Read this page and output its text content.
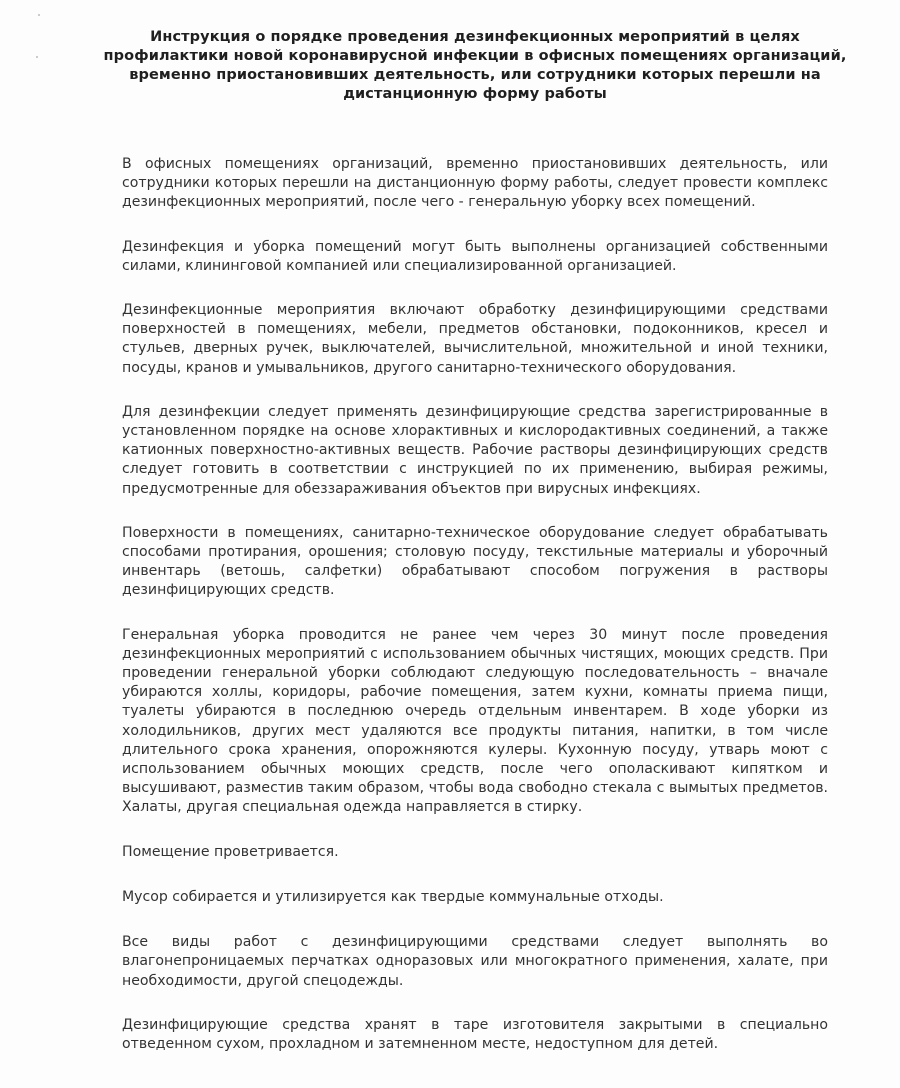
Инструкция о порядке проведения дезинфекционных мероприятий в целях профилактики новой коронавирусной инфекции в офисных помещениях организаций, временно приостановивших деятельность, или сотрудники которых перешли на дистанционную форму работы

В офисных помещениях организаций, временно приостановивших деятельность, или сотрудники которых перешли на дистанционную форму работы, следует провести комплекс дезинфекционных мероприятий, после чего - генеральную уборку всех помещений.

Дезинфекция и уборка помещений могут быть выполнены организацией собственными силами, клининговой компанией или специализированной организацией.

Дезинфекционные мероприятия включают обработку дезинфицирующими средствами поверхностей в помещениях, мебели, предметов обстановки, подоконников, кресел и стульев, дверных ручек, выключателей, вычислительной, множительной и иной техники, посуды, кранов и умывальников, другого санитарно-технического оборудования.

Для дезинфекции следует применять дезинфицирующие средства зарегистрированные в установленном порядке на основе хлорактивных и кислородактивных соединений, а также катионных поверхностно-активных веществ. Рабочие растворы дезинфицирующих средств следует готовить в соответствии с инструкцией по их применению, выбирая режимы, предусмотренные для обеззараживания объектов при вирусных инфекциях.

Поверхности в помещениях, санитарно-техническое оборудование следует обрабатывать способами протирания, орошения; столовую посуду, текстильные материалы и уборочный инвентарь (ветошь, салфетки) обрабатывают способом погружения в растворы дезинфицирующих средств.

Генеральная уборка проводится не ранее чем через 30 минут после проведения дезинфекционных мероприятий с использованием обычных чистящих, моющих средств. При проведении генеральной уборки соблюдают следующую последовательность – вначале убираются холлы, коридоры, рабочие помещения, затем кухни, комнаты приема пищи, туалеты убираются в последнюю очередь отдельным инвентарем. В ходе уборки из холодильников, других мест удаляются все продукты питания, напитки, в том числе длительного срока хранения, опорожняются кулеры. Кухонную посуду, утварь моют с использованием обычных моющих средств, после чего ополаскивают кипятком и высушивают, разместив таким образом, чтобы вода свободно стекала с вымытых предметов. Халаты, другая специальная одежда направляется в стирку.

Помещение проветривается.

Мусор собирается и утилизируется как твердые коммунальные отходы.

Все виды работ с дезинфицирующими средствами следует выполнять во влагонепроницаемых перчатках одноразовых или многократного применения, халате, при необходимости, другой спецодежды.

Дезинфицирующие средства хранят в таре изготовителя закрытыми в специально отведенном сухом, прохладном и затемненном месте, недоступном для детей.
